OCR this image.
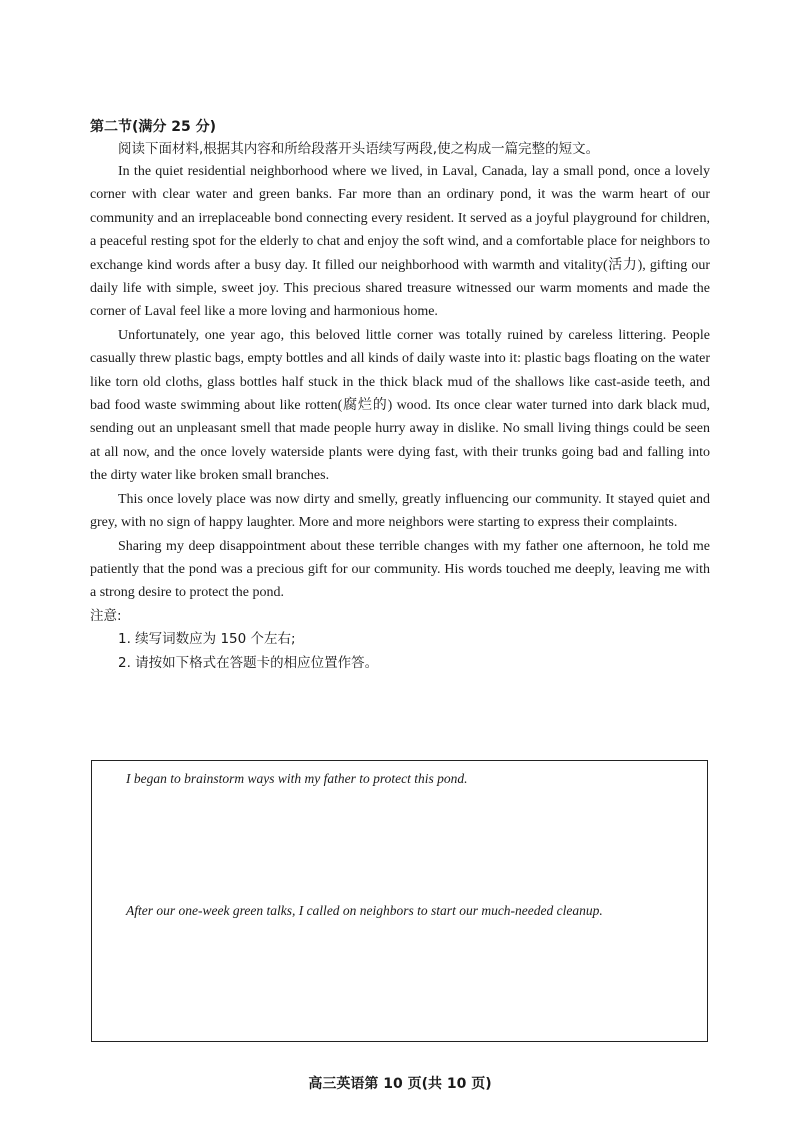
第二节(满分 25 分)

阅读下面材料,根据其内容和所给段落开头语续写两段,使之构成一篇完整的短文。

In the quiet residential neighborhood where we lived, in Laval, Canada, lay a small pond, once a lovely corner with clear water and green banks. Far more than an ordinary pond, it was the warm heart of our community and an irreplaceable bond connecting every resident. It served as a joyful playground for children, a peaceful resting spot for the elderly to chat and enjoy the soft wind, and a comfortable place for neighbors to exchange kind words after a busy day. It filled our neighborhood with warmth and vitality(活力), gifting our daily life with simple, sweet joy. This precious shared treasure witnessed our warm moments and made the corner of Laval feel like a more loving and harmonious home.

Unfortunately, one year ago, this beloved little corner was totally ruined by careless littering. People casually threw plastic bags, empty bottles and all kinds of daily waste into it: plastic bags floating on the water like torn old cloths, glass bottles half stuck in the thick black mud of the shallows like cast-aside teeth, and bad food waste swimming about like rotten(腐烂的) wood. Its once clear water turned into dark black mud, sending out an unpleasant smell that made people hurry away in dislike. No small living things could be seen at all now, and the once lovely waterside plants were dying fast, with their trunks going bad and falling into the dirty water like broken small branches.

This once lovely place was now dirty and smelly, greatly influencing our community. It stayed quiet and grey, with no sign of happy laughter. More and more neighbors were starting to express their complaints.

Sharing my deep disappointment about these terrible changes with my father one afternoon, he told me patiently that the pond was a precious gift for our community. His words touched me deeply, leaving me with a strong desire to protect the pond.

注意:

1. 续写词数应为 150 个左右;

2. 请按如下格式在答题卡的相应位置作答。

I began to brainstorm ways with my father to protect this pond.

After our one-week green talks, I called on neighbors to start our much-needed cleanup.

高三英语第 10 页(共 10 页)
